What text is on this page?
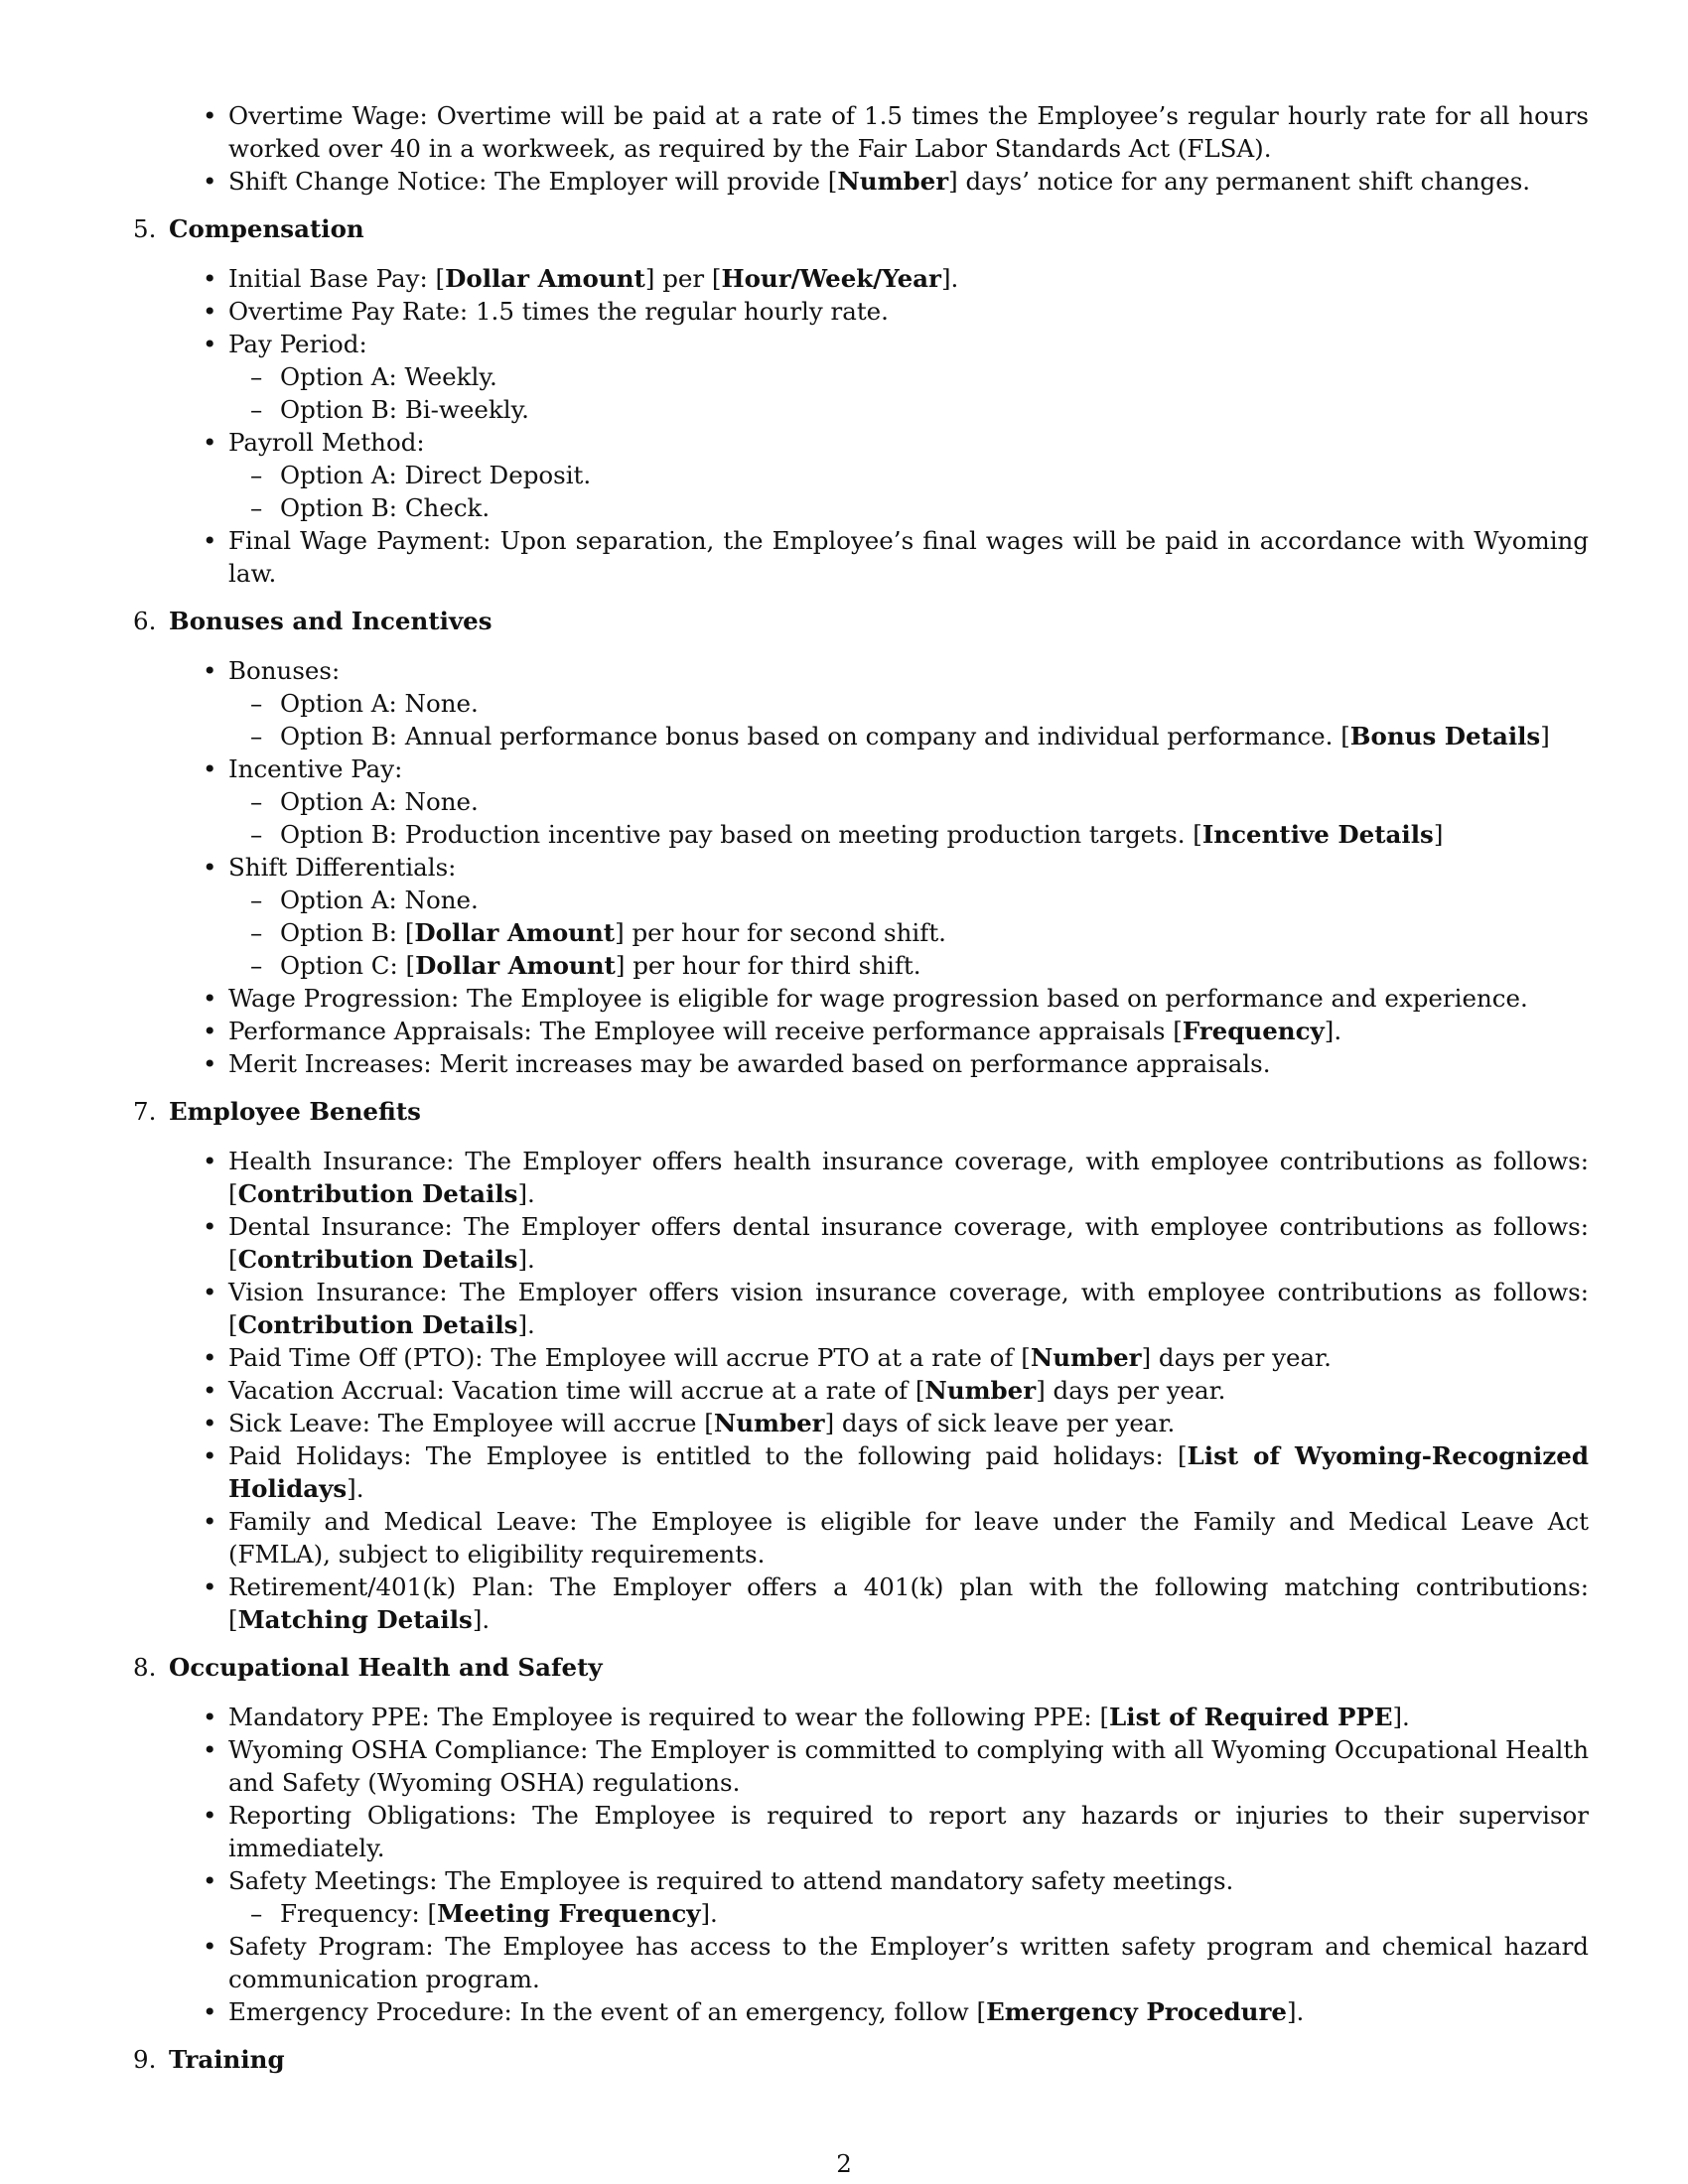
• Overtime Wage: Overtime will be paid at a rate of 1.5 times the Employee’s regular hourly rate for all hours worked over 40 in a workweek, as required by the Fair Labor Standards Act (FLSA).
• Shift Change Notice: The Employer will provide [Number] days’ notice for any permanent shift changes.
5. Compensation
• Initial Base Pay: [Dollar Amount] per [Hour/Week/Year].
• Overtime Pay Rate: 1.5 times the regular hourly rate.
• Pay Period:
– Option A: Weekly.
– Option B: Bi-weekly.
• Payroll Method:
– Option A: Direct Deposit.
– Option B: Check.
• Final Wage Payment: Upon separation, the Employee’s final wages will be paid in accordance with Wyoming law.
6. Bonuses and Incentives
• Bonuses:
– Option A: None.
– Option B: Annual performance bonus based on company and individual performance. [Bonus Details]
• Incentive Pay:
– Option A: None.
– Option B: Production incentive pay based on meeting production targets. [Incentive Details]
• Shift Differentials:
– Option A: None.
– Option B: [Dollar Amount] per hour for second shift.
– Option C: [Dollar Amount] per hour for third shift.
• Wage Progression: The Employee is eligible for wage progression based on performance and experience.
• Performance Appraisals: The Employee will receive performance appraisals [Frequency].
• Merit Increases: Merit increases may be awarded based on performance appraisals.
7. Employee Benefits
• Health Insurance: The Employer offers health insurance coverage, with employee contributions as follows: [Contribution Details].
• Dental Insurance: The Employer offers dental insurance coverage, with employee contributions as follows: [Contribution Details].
• Vision Insurance: The Employer offers vision insurance coverage, with employee contributions as follows: [Contribution Details].
• Paid Time Off (PTO): The Employee will accrue PTO at a rate of [Number] days per year.
• Vacation Accrual: Vacation time will accrue at a rate of [Number] days per year.
• Sick Leave: The Employee will accrue [Number] days of sick leave per year.
• Paid Holidays: The Employee is entitled to the following paid holidays: [List of Wyoming-Recognized Holidays].
• Family and Medical Leave: The Employee is eligible for leave under the Family and Medical Leave Act (FMLA), subject to eligibility requirements.
• Retirement/401(k) Plan: The Employer offers a 401(k) plan with the following matching contributions: [Matching Details].
8. Occupational Health and Safety
• Mandatory PPE: The Employee is required to wear the following PPE: [List of Required PPE].
• Wyoming OSHA Compliance: The Employer is committed to complying with all Wyoming Occupational Health and Safety (Wyoming OSHA) regulations.
• Reporting Obligations: The Employee is required to report any hazards or injuries to their supervisor immediately.
• Safety Meetings: The Employee is required to attend mandatory safety meetings.
– Frequency: [Meeting Frequency].
• Safety Program: The Employee has access to the Employer’s written safety program and chemical hazard communication program.
• Emergency Procedure: In the event of an emergency, follow [Emergency Procedure].
9. Training
2
